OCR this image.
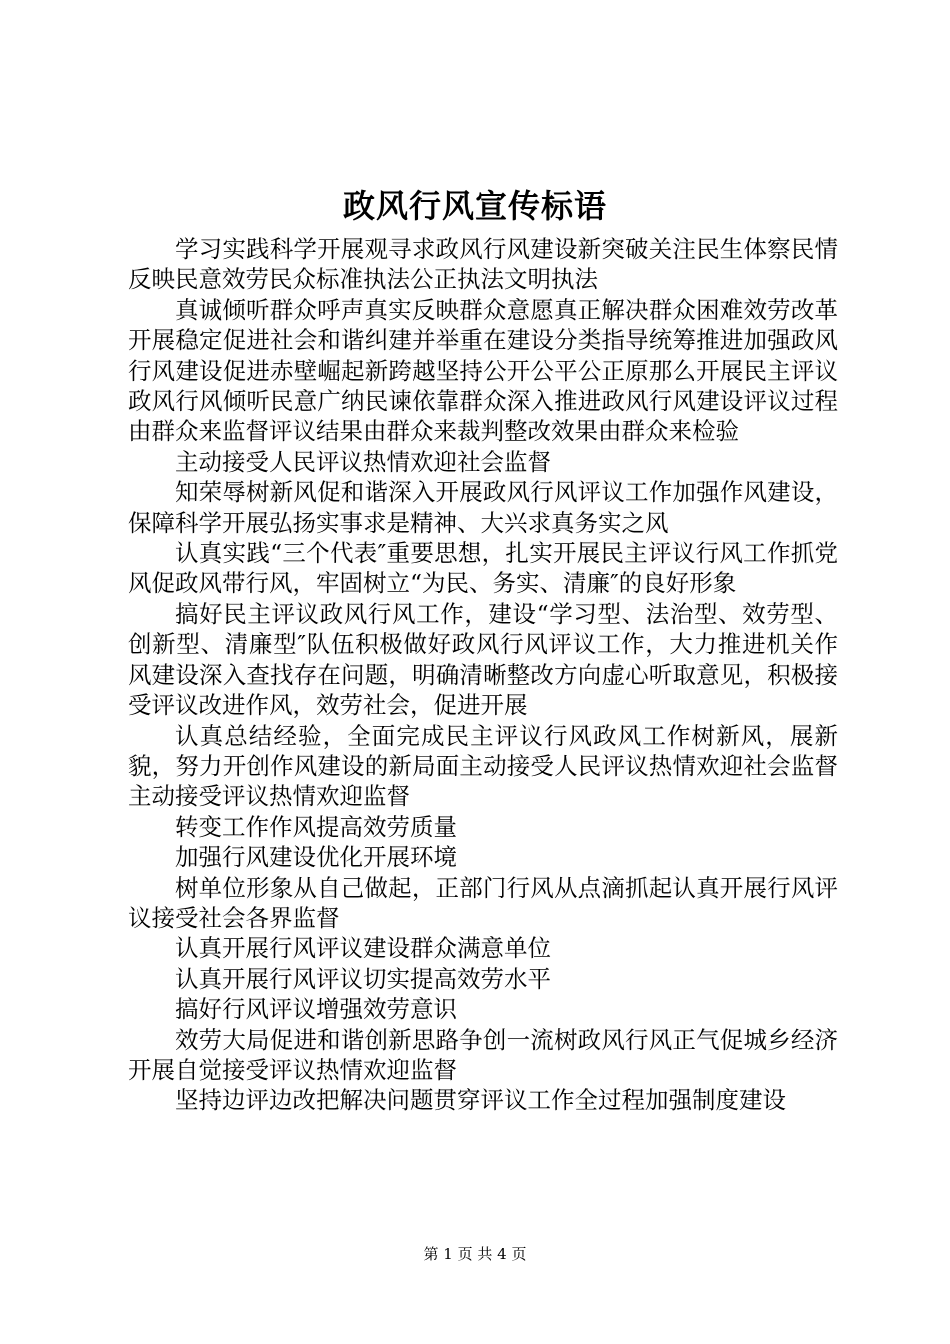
政风行风宣传标语

学习实践科学开展观寻求政风行风建设新突破关注民生体察民情反映民意效劳民众标准执法公正执法文明执法

真诚倾听群众呼声真实反映群众意愿真正解决群众困难效劳改革开展稳定促进社会和谐纠建并举重在建设分类指导统筹推进加强政风行风建设促进赤壁崛起新跨越坚持公开公平公正原那么开展民主评议政风行风倾听民意广纳民谏依靠群众深入推进政风行风建设评议过程由群众来监督评议结果由群众来裁判整改效果由群众来检验

主动接受人民评议热情欢迎社会监督

知荣辱树新风促和谐深入开展政风行风评议工作加强作风建设，保障科学开展弘扬实事求是精神、大兴求真务实之风

认真实践“三个代表″重要思想，扎实开展民主评议行风工作抓党风促政风带行风，牢固树立“为民、务实、清廉″的良好形象

搞好民主评议政风行风工作，建设“学习型、法治型、效劳型、创新型、清廉型″队伍积极做好政风行风评议工作，大力推进机关作风建设深入查找存在问题，明确清晰整改方向虚心听取意见，积极接受评议改进作风，效劳社会，促进开展

认真总结经验，全面完成民主评议行风政风工作树新风，展新貌，努力开创作风建设的新局面主动接受人民评议热情欢迎社会监督主动接受评议热情欢迎监督

转变工作作风提高效劳质量

加强行风建设优化开展环境

树单位形象从自己做起，正部门行风从点滴抓起认真开展行风评议接受社会各界监督

认真开展行风评议建设群众满意单位

认真开展行风评议切实提高效劳水平

搞好行风评议增强效劳意识

效劳大局促进和谐创新思路争创一流树政风行风正气促城乡经济开展自觉接受评议热情欢迎监督

坚持边评边改把解决问题贯穿评议工作全过程加强制度建设

第 1 页 共 4 页
